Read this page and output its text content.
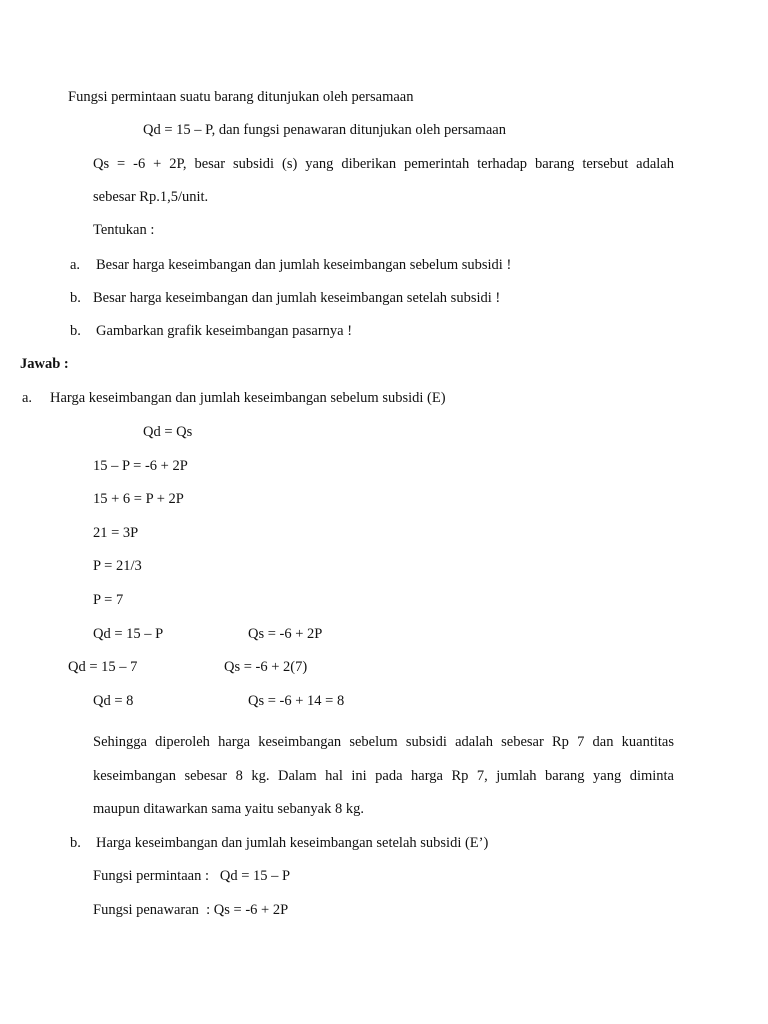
Fungsi permintaan suatu barang ditunjukan oleh persamaan
Qd = 15 – P, dan fungsi penawaran ditunjukan oleh persamaan
Qs = -6 + 2P, besar subsidi (s) yang diberikan pemerintah terhadap barang tersebut adalah
sebesar Rp.1,5/unit.
Tentukan :
a. Besar harga keseimbangan dan jumlah keseimbangan sebelum subsidi !
b. Besar harga keseimbangan dan jumlah keseimbangan setelah subsidi !
b. Gambarkan grafik keseimbangan pasarnya !
Jawab :
a. Harga keseimbangan dan jumlah keseimbangan sebelum subsidi (E)
Qd = Qs
15 – P = -6 + 2P
15 + 6 = P + 2P
21 = 3P
P = 21/3
P = 7
Qd = 15 – P	Qs = -6 + 2P
Qd = 15 – 7	Qs = -6 + 2(7)
Qd = 8	Qs = -6 + 14 = 8
Sehingga diperoleh harga keseimbangan sebelum subsidi adalah sebesar Rp 7 dan kuantitas
keseimbangan sebesar 8 kg. Dalam hal ini pada harga Rp 7, jumlah barang yang diminta
maupun ditawarkan sama yaitu sebanyak 8 kg.
b. Harga keseimbangan dan jumlah keseimbangan setelah subsidi (E’)
Fungsi permintaan :   Qd = 15 – P
Fungsi penawaran  : Qs = -6 + 2P
